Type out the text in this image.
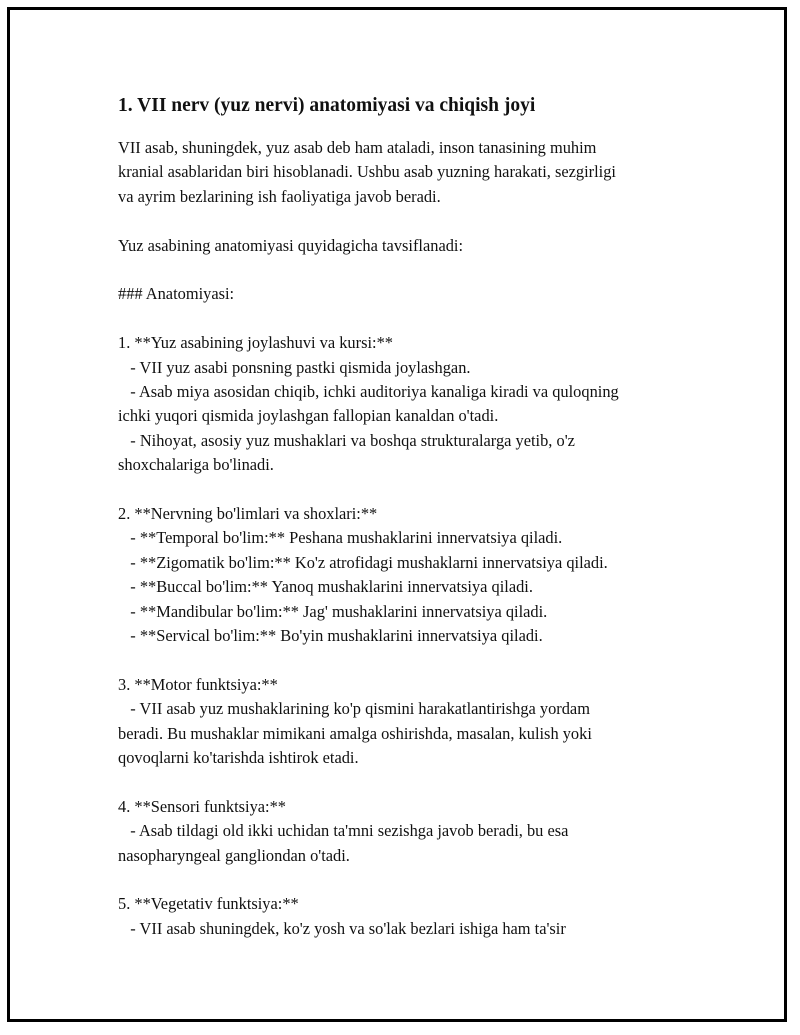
1. VII nerv (yuz nervi) anatomiyasi va chiqish joyi
VII asab, shuningdek, yuz asab deb ham ataladi, inson tanasining muhim
kranial asablaridan biri hisoblanadi. Ushbu asab yuzning harakati, sezgirligi
va ayrim bezlarining ish faoliyatiga javob beradi.
Yuz asabining anatomiyasi quyidagicha tavsiflanadi:
### Anatomiyasi:
1. **Yuz asabining joylashuvi va kursi:**
- VII yuz asabi ponsning pastki qismida joylashgan.
- Asab miya asosidan chiqib, ichki auditoriya kanaliga kiradi va quloqning
ichki yuqori qismida joylashgan fallopian kanaldan o'tadi.
- Nihoyat, asosiy yuz mushaklari va boshqa strukturalarga yetib, o'z
shoxchalariga bo'linadi.
2. **Nervning bo'limlari va shoxlari:**
- **Temporal bo'lim:** Peshana mushaklarini innervatsiya qiladi.
- **Zigomatik bo'lim:** Ko'z atrofidagi mushaklarni innervatsiya qiladi.
- **Buccal bo'lim:** Yanoq mushaklarini innervatsiya qiladi.
- **Mandibular bo'lim:** Jag' mushaklarini innervatsiya qiladi.
- **Servical bo'lim:** Bo'yin mushaklarini innervatsiya qiladi.
3. **Motor funktsiya:**
- VII asab yuz mushaklarining ko'p qismini harakatlantirishga yordam
beradi. Bu mushaklar mimikani amalga oshirishda, masalan, kulish yoki
qovoqlarni ko'tarishda ishtirok etadi.
4. **Sensori funktsiya:**
- Asab tildagi old ikki uchidan ta'mni sezishga javob beradi, bu esa
nasopharyngeal gangliondan o'tadi.
5. **Vegetativ funktsiya:**
- VII asab shuningdek, ko'z yosh va so'lak bezlari ishiga ham ta'sir
